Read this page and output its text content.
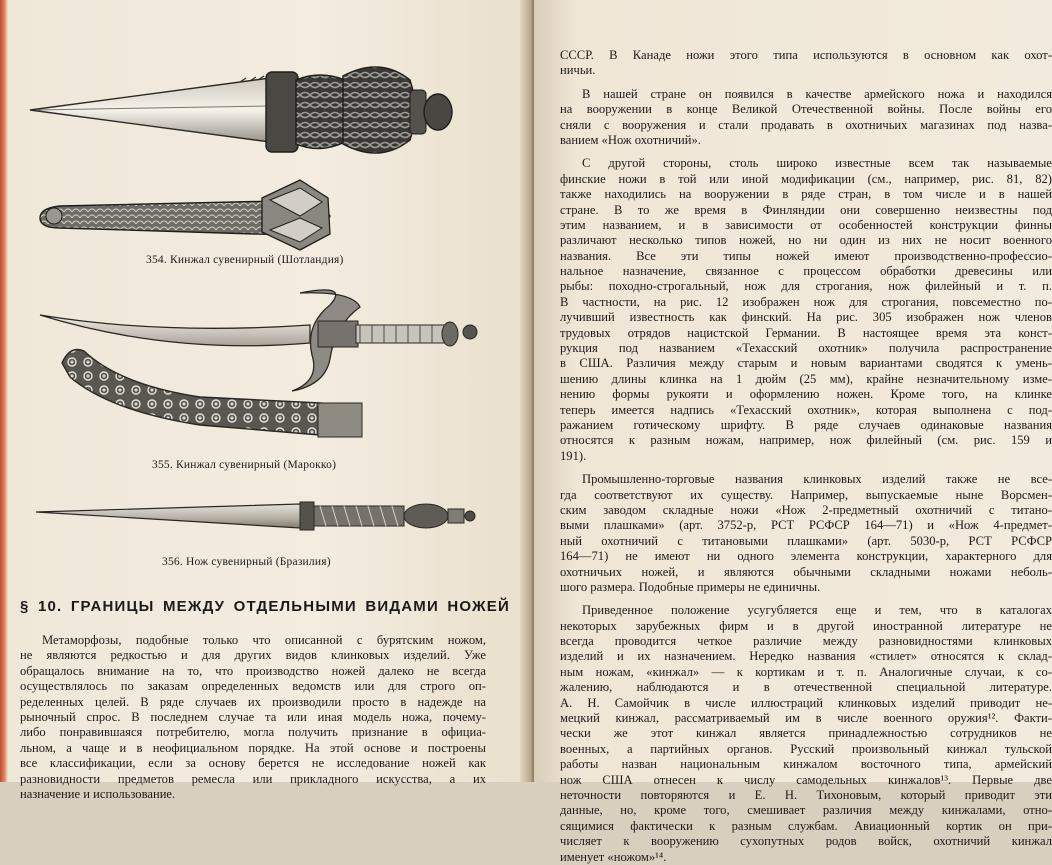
354. Кинжал сувенирный (Шотландия)
355. Кинжал сувенирный (Марокко)
356. Нож сувенирный (Бразилия)
§ 10. ГРАНИЦЫ МЕЖДУ ОТДЕЛЬНЫМИ ВИДАМИ НОЖЕЙ
Метаморфозы, подобные только что описанной с бурятским ножом,
не являются редкостью и для других видов клинковых изделий. Уже
обращалось внимание на то, что производство ножей далеко не всегда
осуществлялось по заказам определенных ведомств или для строго оп-
ределенных целей. В ряде случаев их производили просто в надежде на
рыночный спрос. В последнем случае та или иная модель ножа, почему-
либо понравившаяся потребителю, могла получить признание в официа-
льном, а чаще и в неофициальном порядке. На этой основе и построены
все классификации, если за основу берется не исследование ножей как
разновидности предметов ремесла или прикладного искусства, а их
назначение и использование.
СССР. В Канаде ножи этого типа используются в основном как охот-
ничьи.
В нашей стране он появился в качестве армейского ножа и находился
на вооружении в конце Великой Отечественной войны. После войны его
сняли с вооружения и стали продавать в охотничьих магазинах под назва-
ванием «Нож охотничий».
С другой стороны, столь широко известные всем так называемые
финские ножи в той или иной модификации (см., например, рис. 81, 82)
также находились на вооружении в ряде стран, в том числе и в нашей
стране. В то же время в Финляндии они совершенно неизвестны под
этим названием, и в зависимости от особенностей конструкции финны
различают несколько типов ножей, но ни один из них не носит военного
названия. Все эти типы ножей имеют производственно-профессио-
нальное назначение, связанное с процессом обработки древесины или
рыбы: походно-строгальный, нож для строгания, нож филейный и т. п.
В частности, на рис. 12 изображен нож для строгания, повсеместно по-
лучивший известность как финский. На рис. 305 изображен нож членов
трудовых отрядов нацистской Германии. В настоящее время эта конст-
рукция под названием «Техасский охотник» получила распространение
в США. Различия между старым и новым вариантами сводятся к умень-
шению длины клинка на 1 дюйм (25 мм), крайне незначительному изме-
нению формы рукояти и оформлению ножен. Кроме того, на клинке
теперь имеется надпись «Техасский охотник», которая выполнена с под-
ражанием готическому шрифту. В ряде случаев одинаковые названия
относятся к разным ножам, например, нож филейный (см. рис. 159 и
191).
Промышленно-торговые названия клинковых изделий также не все-
гда соответствуют их существу. Например, выпускаемые ныне Ворсмен-
ским заводом складные ножи «Нож 2-предметный охотничий с титано-
выми плашками» (арт. 3752-р, РСТ РСФСР 164—71) и «Нож 4-предмет-
ный охотничий с титановыми плашками» (арт. 5030-р, РСТ РСФСР
164—71) не имеют ни одного элемента конструкции, характерного для
охотничьих ножей, и являются обычными складными ножами неболь-
шого размера. Подобные примеры не единичны.
Приведенное положение усугубляется еще и тем, что в каталогах
некоторых зарубежных фирм и в другой иностранной литературе не
всегда проводится четкое различие между разновидностями клинковых
изделий и их назначением. Нередко названия «стилет» относятся к склад-
ным ножам, «кинжал» — к кортикам и т. п. Аналогичные случаи, к со-
жалению, наблюдаются и в отечественной специальной литературе.
А. Н. Самойчик в числе иллюстраций клинковых изделий приводит не-
мецкий кинжал, рассматриваемый им в числе военного оружия¹². Факти-
чески же этот кинжал является принадлежностью сотрудников не
военных, а партийных органов. Русский произвольный кинжал тульской
работы назван национальным кинжалом восточного типа, армейский
нож США отнесен к числу самодельных кинжалов¹³. Первые две
неточности повторяются и Е. Н. Тихоновым, который приводит эти
данные, но, кроме того, смешивает различия между кинжалами, отно-
сящимися фактически к разным службам. Авиационный кортик он при-
числяет к вооружению сухопутных родов войск, охотничий кинжал
именует «ножом»¹⁴.
